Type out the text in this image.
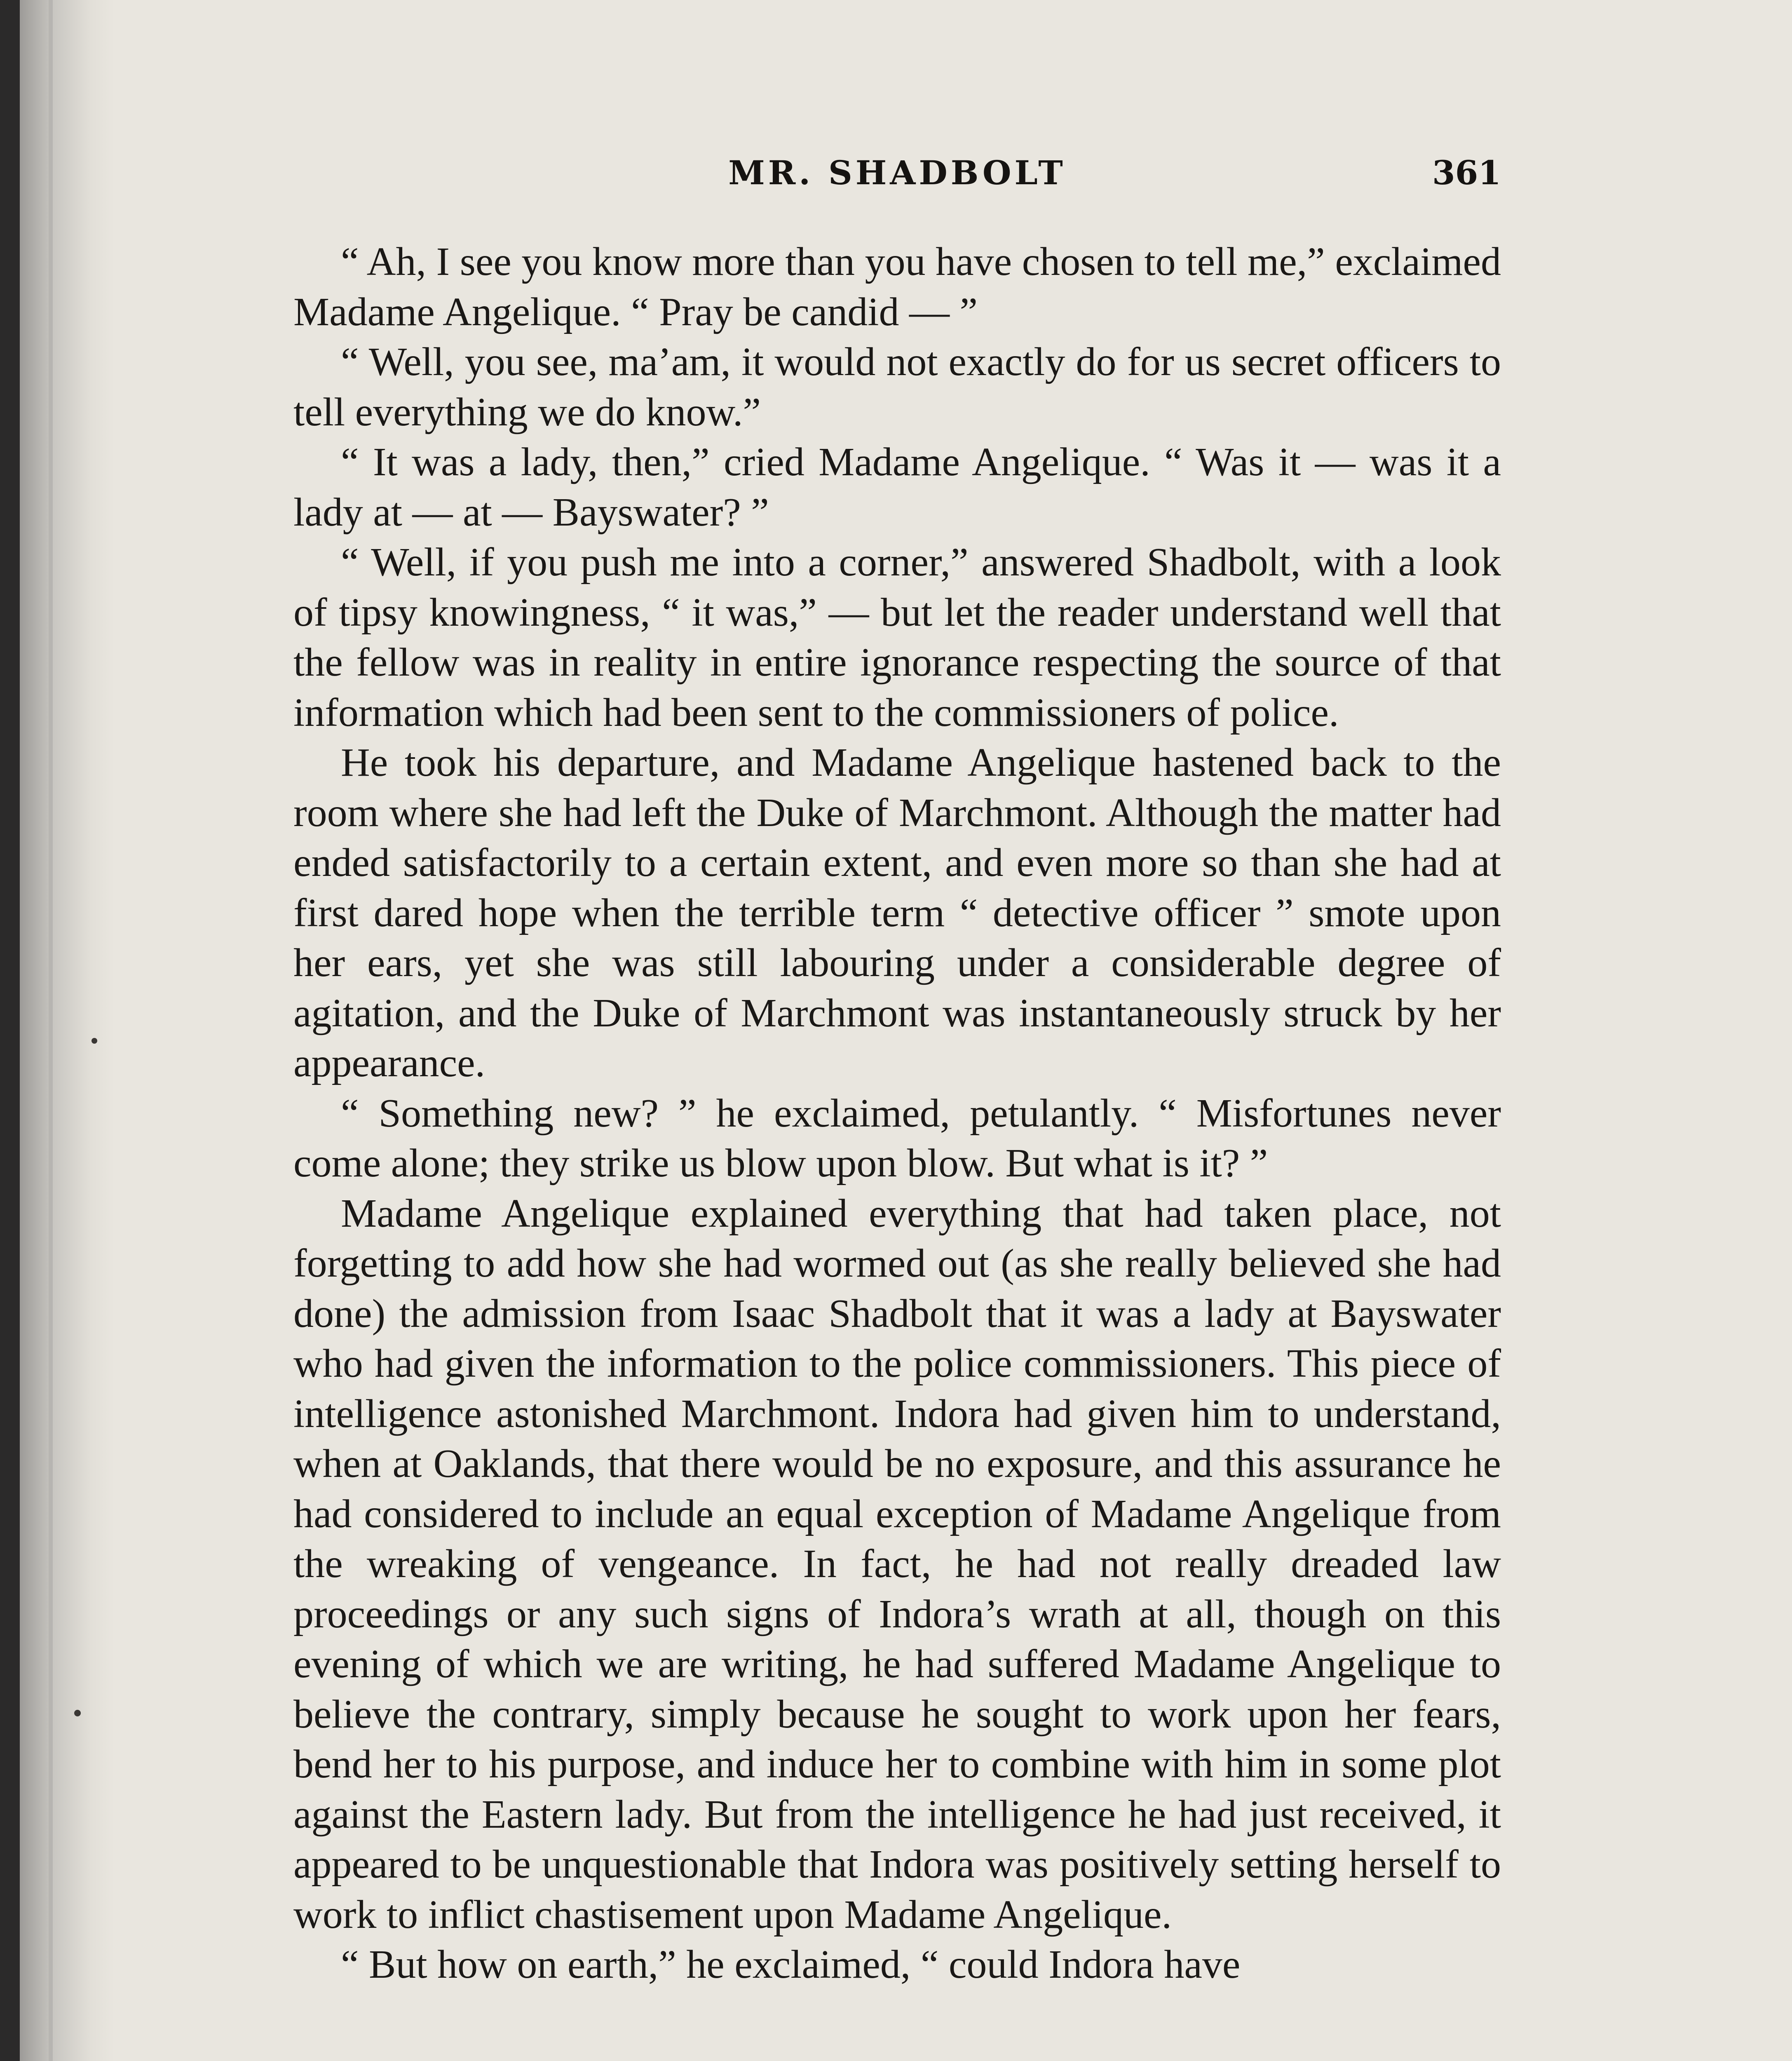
MR. SHADBOLT	361

“ Ah, I see you know more than you have chosen to tell me,” exclaimed Madame Angelique. “ Pray be candid — ”

“ Well, you see, ma’am, it would not exactly do for us secret officers to tell everything we do know.”

“ It was a lady, then,” cried Madame Angelique. “ Was it — was it a lady at — at — Bayswater? ”

“ Well, if you push me into a corner,” answered Shadbolt, with a look of tipsy knowingness, “ it was,” — but let the reader understand well that the fellow was in reality in entire ignorance respecting the source of that information which had been sent to the commissioners of police.

He took his departure, and Madame Angelique hastened back to the room where she had left the Duke of Marchmont. Although the matter had ended satisfactorily to a certain extent, and even more so than she had at first dared hope when the terrible term “ detective officer ” smote upon her ears, yet she was still labouring under a considerable degree of agitation, and the Duke of Marchmont was instantaneously struck by her appearance.

“ Something new? ” he exclaimed, petulantly. “ Misfortunes never come alone; they strike us blow upon blow. But what is it? ”

Madame Angelique explained everything that had taken place, not forgetting to add how she had wormed out (as she really believed she had done) the admission from Isaac Shadbolt that it was a lady at Bayswater who had given the information to the police commissioners. This piece of intelligence astonished Marchmont. Indora had given him to understand, when at Oaklands, that there would be no exposure, and this assurance he had considered to include an equal exception of Madame Angelique from the wreaking of vengeance. In fact, he had not really dreaded law proceedings or any such signs of Indora’s wrath at all, though on this evening of which we are writing, he had suffered Madame Angelique to believe the contrary, simply because he sought to work upon her fears, bend her to his purpose, and induce her to combine with him in some plot against the Eastern lady. But from the intelligence he had just received, it appeared to be unquestionable that Indora was positively setting herself to work to inflict chastisement upon Madame Angelique.

“ But how on earth,” he exclaimed, “ could Indora have
